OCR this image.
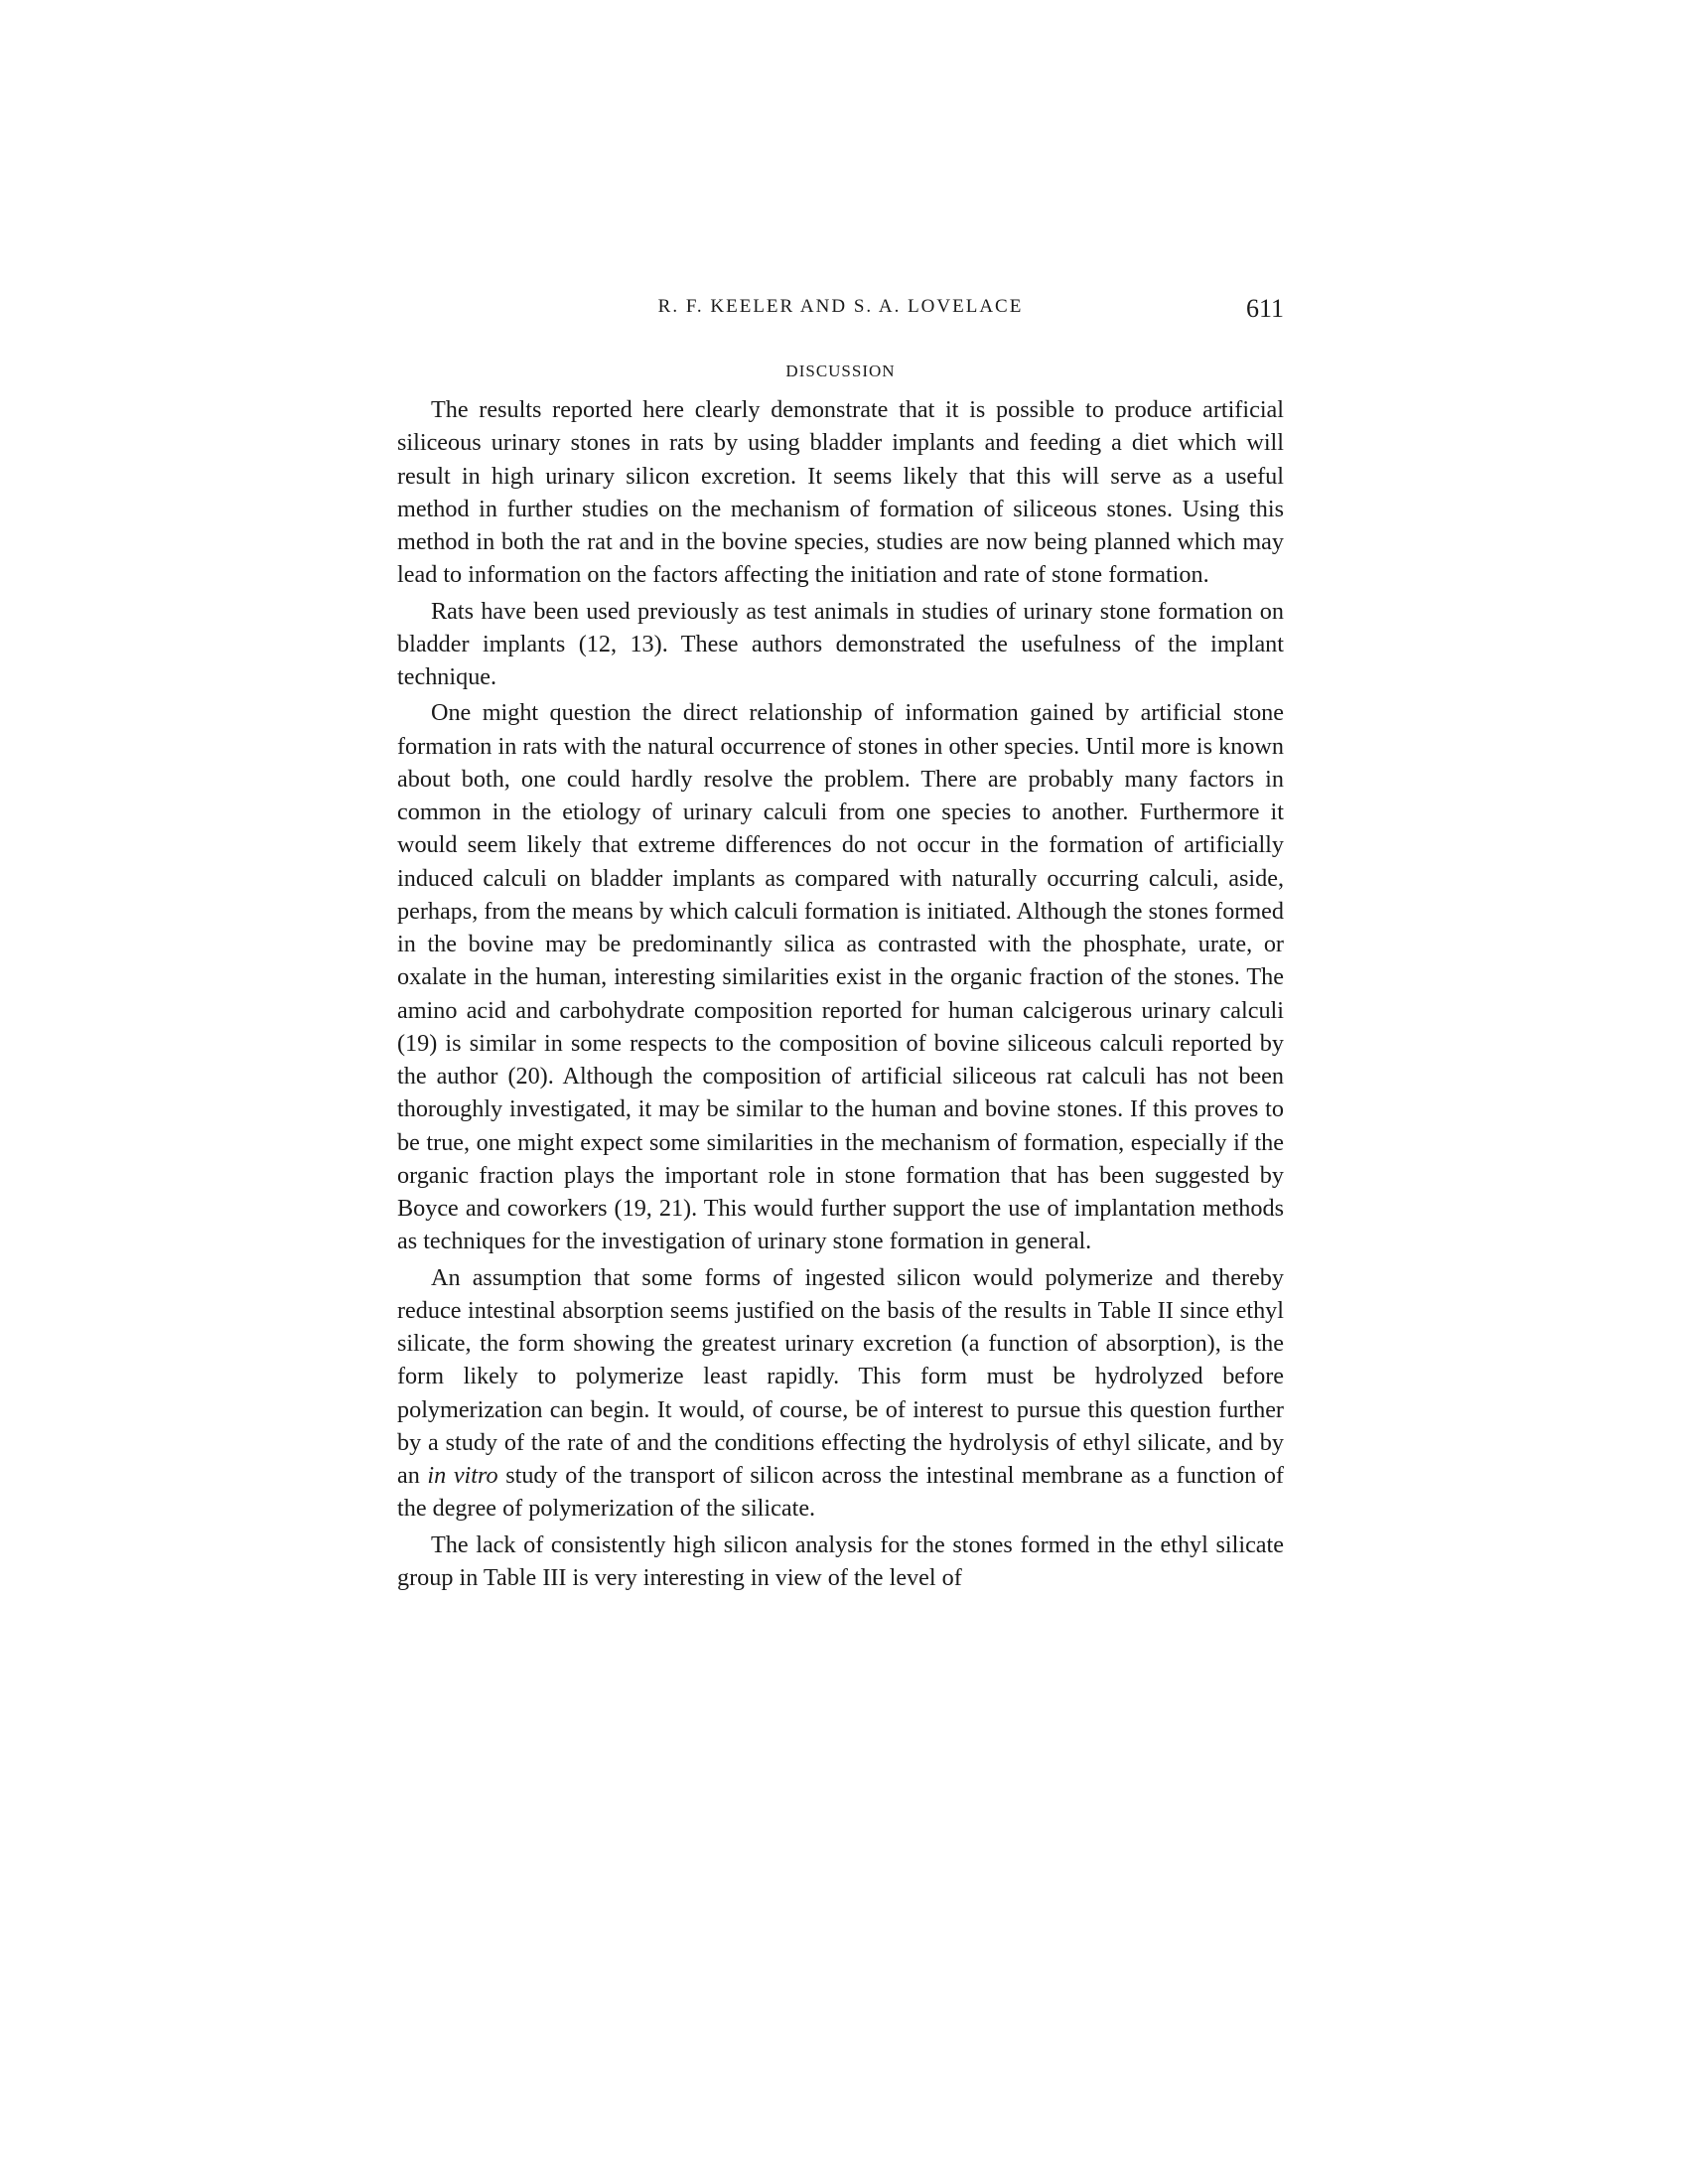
R. F. KEELER AND S. A. LOVELACE	611
DISCUSSION

The results reported here clearly demonstrate that it is possible to produce artificial siliceous urinary stones in rats by using bladder implants and feeding a diet which will result in high urinary silicon excretion. It seems likely that this will serve as a useful method in further studies on the mechanism of formation of siliceous stones. Using this method in both the rat and in the bovine species, studies are now being planned which may lead to information on the factors affecting the initiation and rate of stone formation.

Rats have been used previously as test animals in studies of urinary stone formation on bladder implants (12, 13). These authors demonstrated the usefulness of the implant technique.

One might question the direct relationship of information gained by artificial stone formation in rats with the natural occurrence of stones in other species. Until more is known about both, one could hardly resolve the problem. There are probably many factors in common in the etiology of urinary calculi from one species to another. Furthermore it would seem likely that extreme differences do not occur in the formation of artificially induced calculi on bladder implants as compared with naturally occurring calculi, aside, perhaps, from the means by which calculi formation is initiated. Although the stones formed in the bovine may be predominantly silica as contrasted with the phosphate, urate, or oxalate in the human, interesting similarities exist in the organic fraction of the stones. The amino acid and carbohydrate composition reported for human calcigerous urinary calculi (19) is similar in some respects to the composition of bovine siliceous calculi reported by the author (20). Although the composition of artificial siliceous rat calculi has not been thoroughly investigated, it may be similar to the human and bovine stones. If this proves to be true, one might expect some similarities in the mechanism of formation, especially if the organic fraction plays the important role in stone formation that has been suggested by Boyce and coworkers (19, 21). This would further support the use of implantation methods as techniques for the investigation of urinary stone formation in general.

An assumption that some forms of ingested silicon would polymerize and thereby reduce intestinal absorption seems justified on the basis of the results in Table II since ethyl silicate, the form showing the greatest urinary excretion (a function of absorption), is the form likely to polymerize least rapidly. This form must be hydrolyzed before polymerization can begin. It would, of course, be of interest to pursue this question further by a study of the rate of and the conditions effecting the hydrolysis of ethyl silicate, and by an in vitro study of the transport of silicon across the intestinal membrane as a function of the degree of polymerization of the silicate.

The lack of consistently high silicon analysis for the stones formed in the ethyl silicate group in Table III is very interesting in view of the level of
